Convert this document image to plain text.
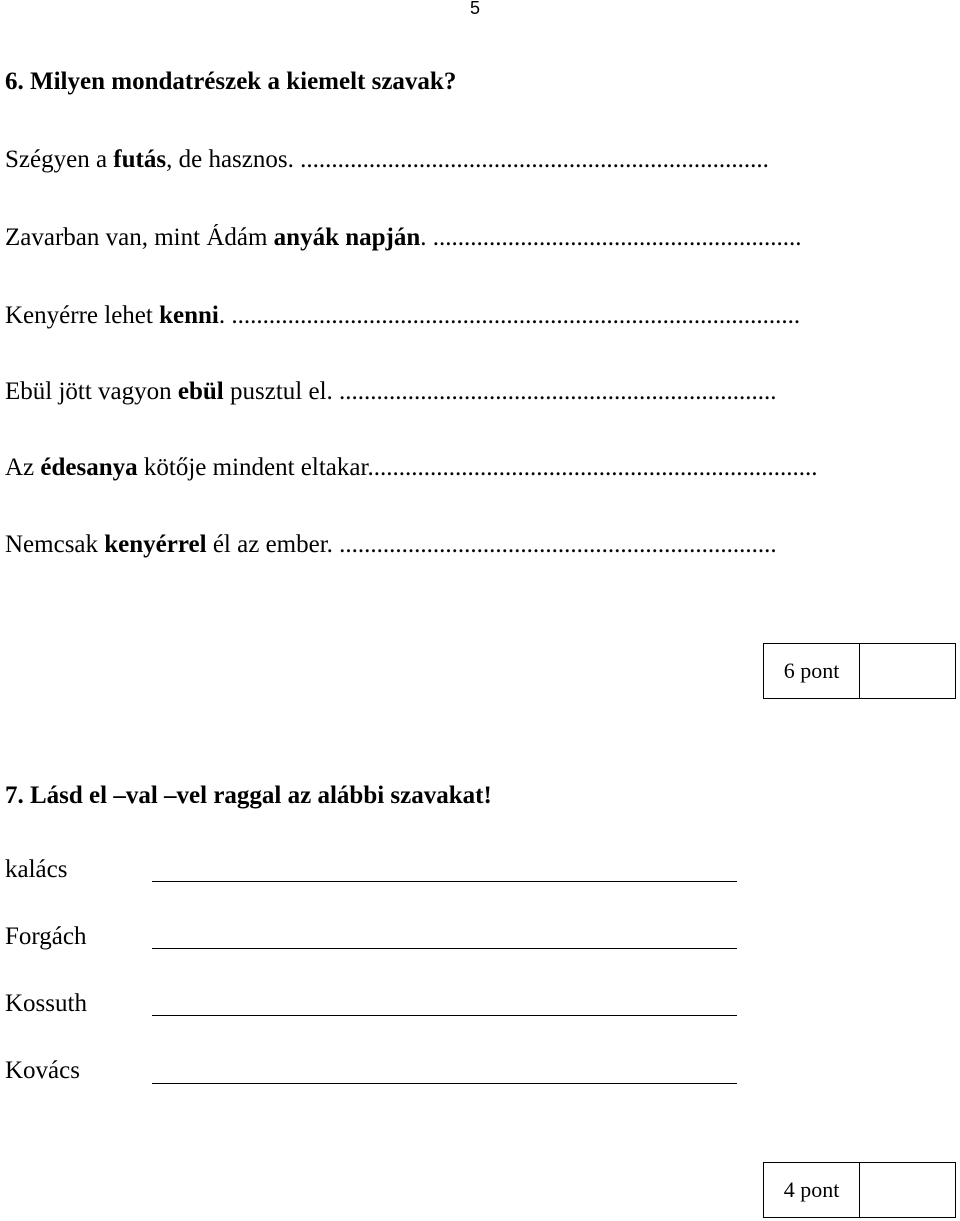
5
6. Milyen mondatrészek a kiemelt szavak?
Szégyen a futás, de hasznos. ...........................................................................
Zavarban van, mint Ádám anyák napján. ...........................................................
Kenyérre lehet kenni. ...........................................................................................
Ebül jött vagyon ebül pusztul el. ......................................................................
Az édesanya kötője mindent eltakar........................................................................
Nemcsak kenyérrel él az ember. ......................................................................
6 pont
7. Lásd el –val –vel raggal az alábbi szavakat!
kalács
Forgách
Kossuth
Kovács
4 pont
